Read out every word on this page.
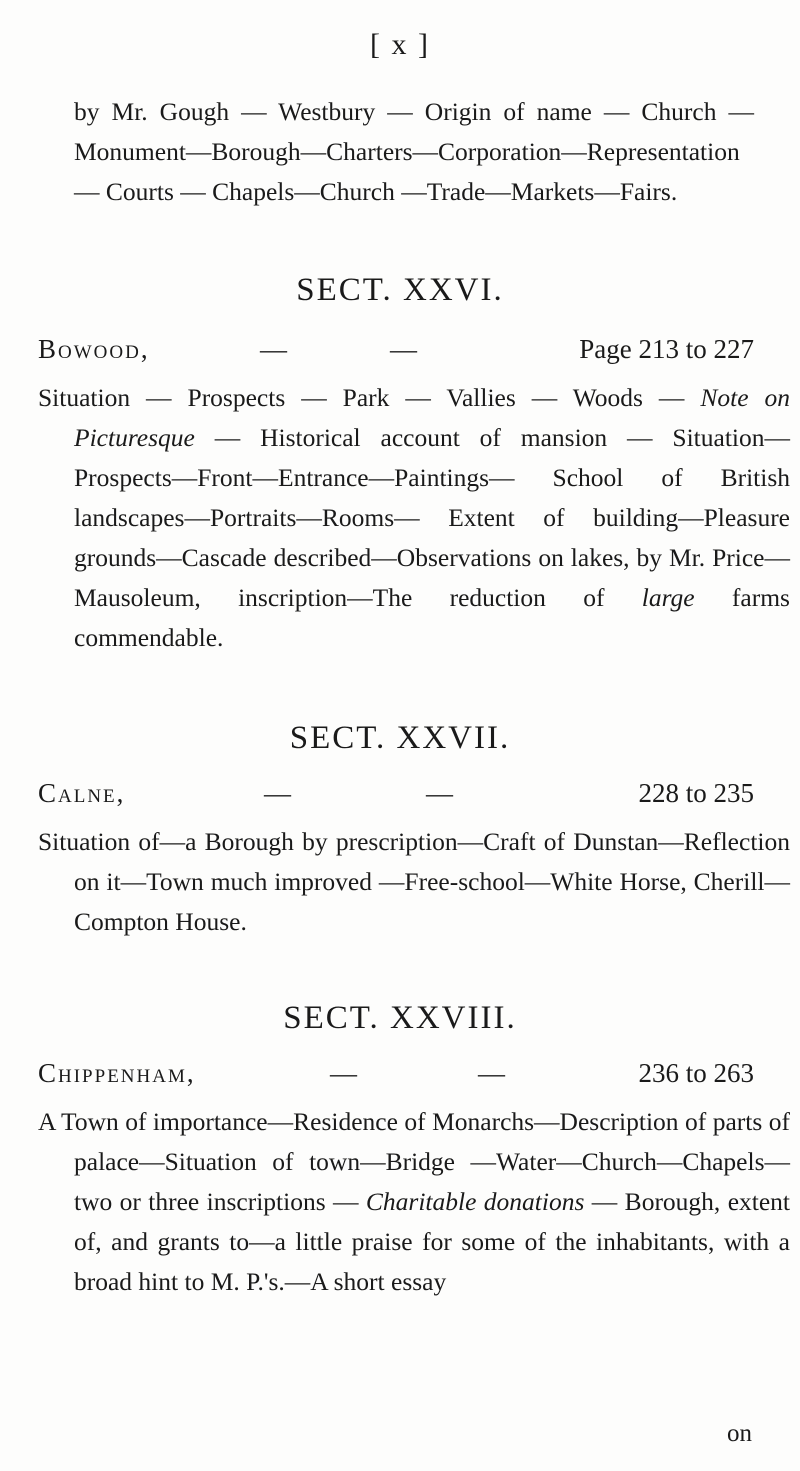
[ x ]
by Mr. Gough — Westbury — Origin of name — Church — Monument—Borough—Charters—Corporation—Representation — Courts — Chapels—Church —Trade—Markets—Fairs.
SECT. XXVI.
Bowood,	—	—	Page 213 to 227
Situation — Prospects — Park — Vallies — Woods — Note on Picturesque — Historical account of mansion — Situation—Prospects—Front—Entrance—Paintings— School of British landscapes—Portraits—Rooms— Extent of building—Pleasure grounds—Cascade described—Observations on lakes, by Mr. Price—Mausoleum, inscription—The reduction of large farms commendable.
SECT. XXVII.
Calne,	—	—	228 to 235
Situation of—a Borough by prescription—Craft of Dunstan—Reflection on it—Town much improved —Free-school—White Horse, Cherill—Compton House.
SECT. XXVIII.
Chippenham,	—	—	236 to 263
A Town of importance—Residence of Monarchs—Description of parts of palace—Situation of town—Bridge —Water—Church—Chapels—two or three inscriptions — Charitable donations — Borough, extent of, and grants to—a little praise for some of the inhabitants, with a broad hint to M. P.'s.—A short essay
on
